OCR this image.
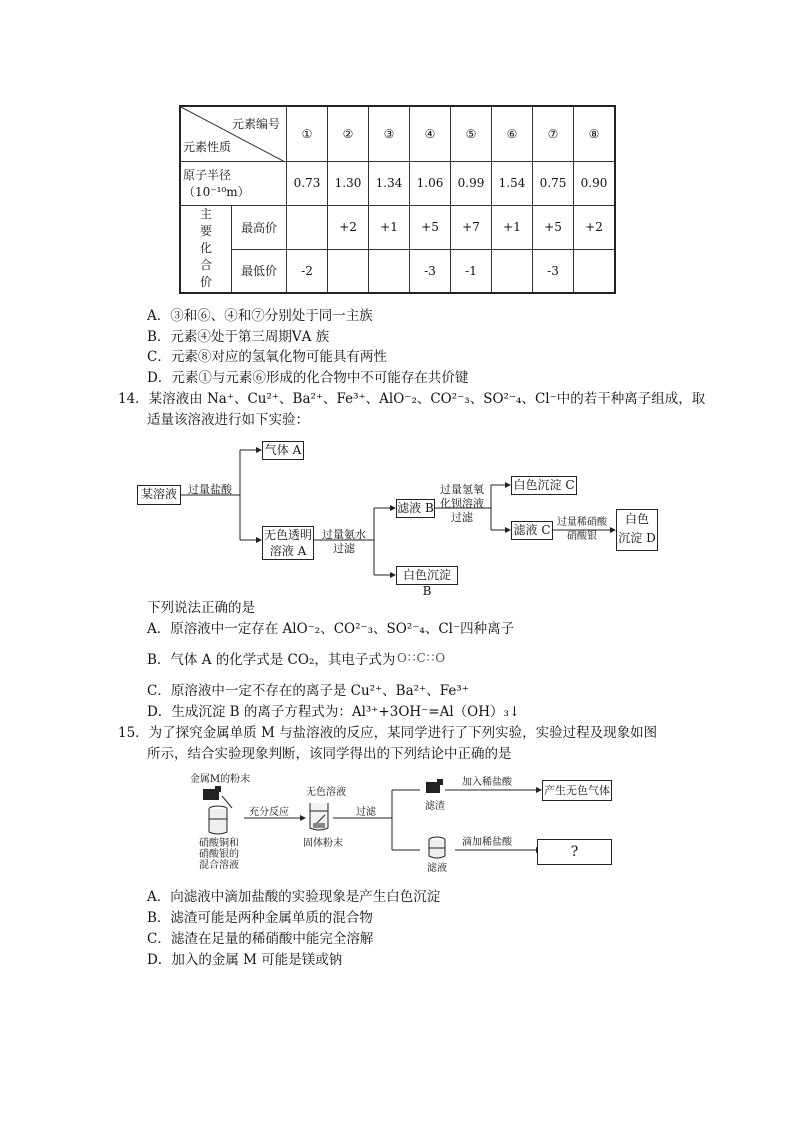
元素编号
元素性质		①	②	③	④	⑤	⑥	⑦	⑧
原子半径（10⁻¹⁰m）		0.73	1.30	1.34	1.06	0.99	1.54	0.75	0.90

主
要
化
合
价	最高价		+2	+1	+5	+7	+1	+5	+2
	最低价	-2			-3	-1		-3	
A．③和⑥、④和⑦分别处于同一主族
B．元素④处于第三周期ⅤA 族
C．元素⑧对应的氢氧化物可能具有两性
D．元素①与元素⑥形成的化合物中不可能存在共价键
14．某溶液由 Na⁺、Cu²⁺、Ba²⁺、Fe³⁺、AlO⁻₂、CO²⁻₃、SO²⁻₄、Cl⁻中的若干种离子组成，取
适量该溶液进行如下实验：
某溶液	过量盐酸
气体 A
无色透明
溶液 A
过量氨水
过滤
滤液 B
白色沉淀 B
过量氢氧
化钡溶液
过滤
白色沉淀 C
滤液 C
过量稀硝酸
硝酸银
白色
沉淀 D
下列说法正确的是
A．原溶液中一定存在 AlO⁻₂、CO²⁻₃、SO²⁻₄、Cl⁻四种离子
B．气体 A 的化学式是 CO₂，其电子式为 O∷C∷O
C．原溶液中一定不存在的离子是 Cu²⁺、Ba²⁺、Fe³⁺
D．生成沉淀 B 的离子方程式为：Al³⁺+3OH⁻=Al（OH）₃↓
15．为了探究金属单质 M 与盐溶液的反应，某同学进行了下列实验，实验过程及现象如图
所示，结合实验现象判断，该同学得出的下列结论中正确的是
金属M的粉末
充分反应
硝酸铜和
硝酸银的
混合溶液
无色溶液
固体粉末
过滤
滤渣
滤液
加入稀盐酸
滴加稀盐酸
产生无色气体
?
A．向滤液中滴加盐酸的实验现象是产生白色沉淀
B．滤渣可能是两种金属单质的混合物
C．滤渣在足量的稀硝酸中能完全溶解
D．加入的金属 M 可能是镁或钠
